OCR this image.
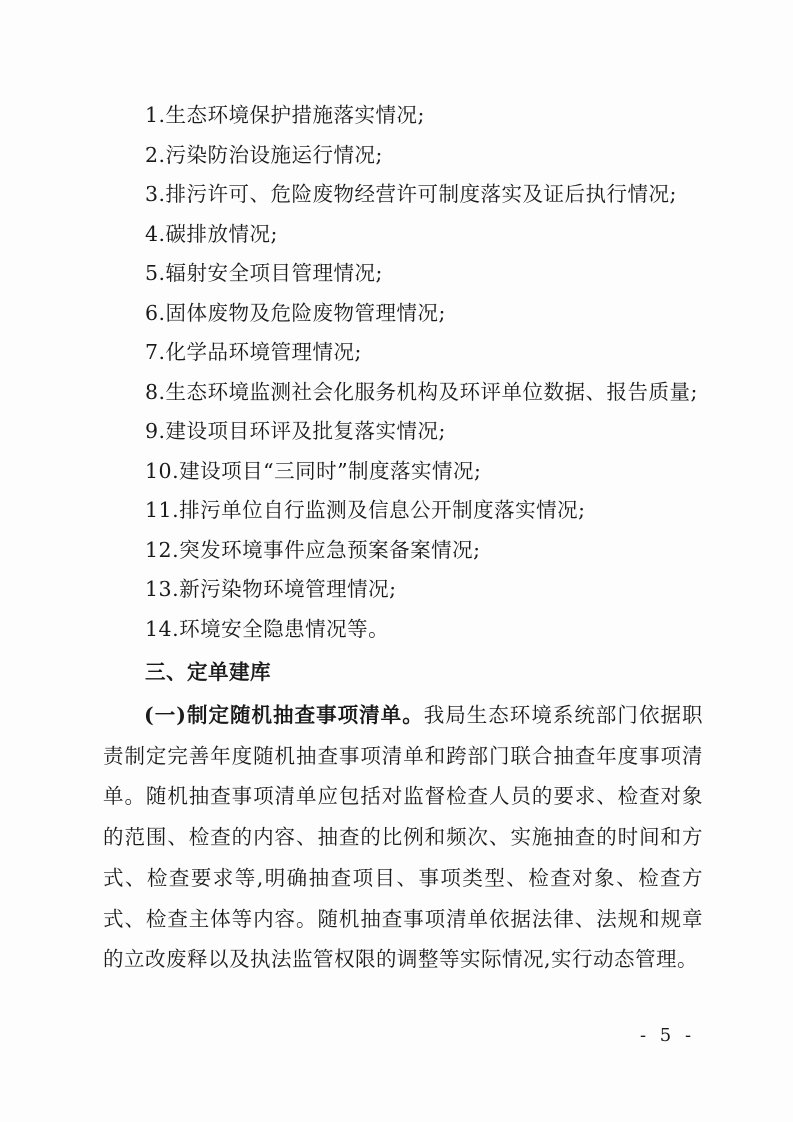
1.生态环境保护措施落实情况;
2.污染防治设施运行情况;
3.排污许可、危险废物经营许可制度落实及证后执行情况;
4.碳排放情况;
5.辐射安全项目管理情况;
6.固体废物及危险废物管理情况;
7.化学品环境管理情况;
8.生态环境监测社会化服务机构及环评单位数据、报告质量;
9.建设项目环评及批复落实情况;
10.建设项目“三同时”制度落实情况;
11.排污单位自行监测及信息公开制度落实情况;
12.突发环境事件应急预案备案情况;
13.新污染物环境管理情况;
14.环境安全隐患情况等。
三、定单建库

(一)制定随机抽查事项清单。我局生态环境系统部门依据职责制定完善年度随机抽查事项清单和跨部门联合抽查年度事项清单。随机抽查事项清单应包括对监督检查人员的要求、检查对象的范围、检查的内容、抽查的比例和频次、实施抽查的时间和方式、检查要求等,明确抽查项目、事项类型、检查对象、检查方式、检查主体等内容。随机抽查事项清单依据法律、法规和规章的立改废释以及执法监管权限的调整等实际情况,实行动态管理。

- 5 -
